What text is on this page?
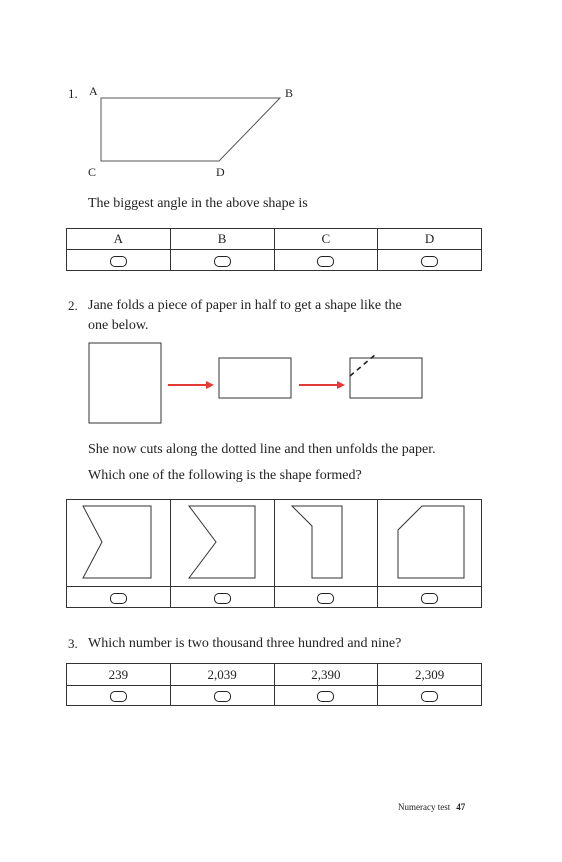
1. A	B
C	D
The biggest angle in the above shape is
A	B	C	D

2. Jane folds a piece of paper in half to get a shape like the
one below.
She now cuts along the dotted line and then unfolds the paper.
Which one of the following is the shape formed?

3. Which number is two thousand three hundred and nine?
239	2,039	2,390	2,309

Numeracy test 47
